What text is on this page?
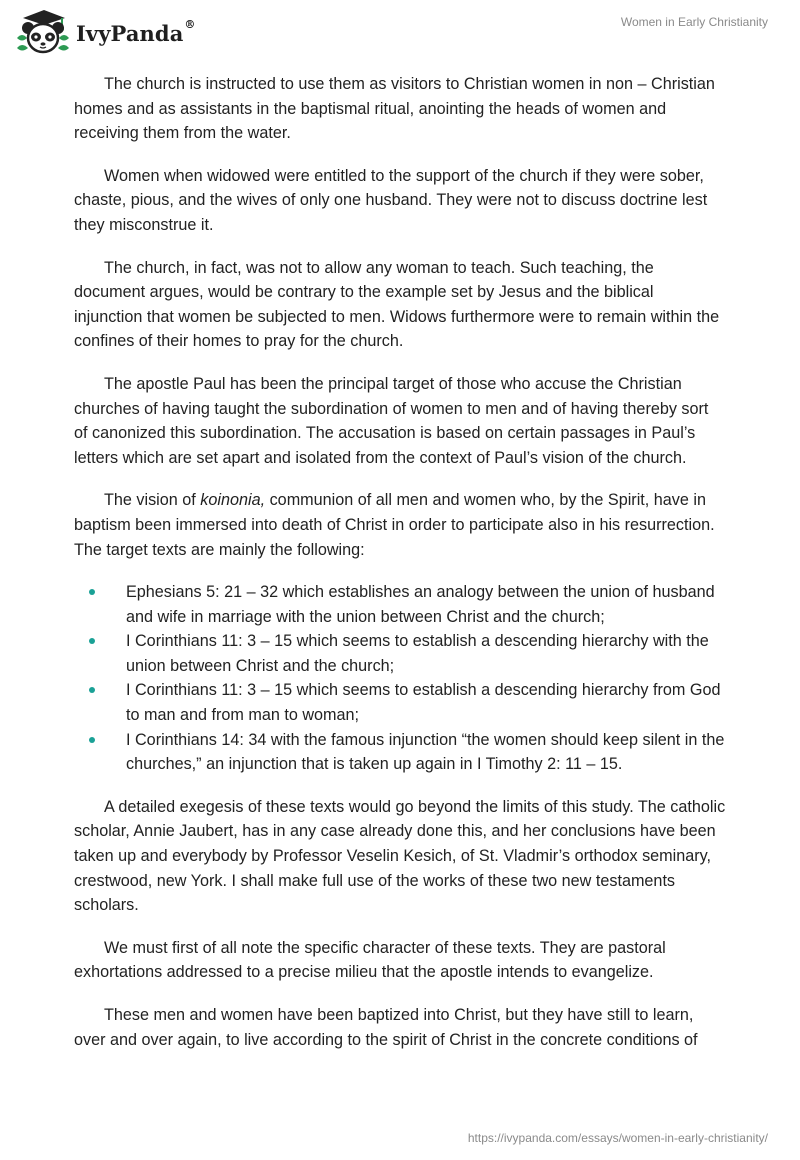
IvyPanda®	Women in Early Christianity

The church is instructed to use them as visitors to Christian women in non – Christian homes and as assistants in the baptismal ritual, anointing the heads of women and receiving them from the water.

Women when widowed were entitled to the support of the church if they were sober, chaste, pious, and the wives of only one husband. They were not to discuss doctrine lest they misconstrue it.

The church, in fact, was not to allow any woman to teach. Such teaching, the document argues, would be contrary to the example set by Jesus and the biblical injunction that women be subjected to men. Widows furthermore were to remain within the confines of their homes to pray for the church.

The apostle Paul has been the principal target of those who accuse the Christian churches of having taught the subordination of women to men and of having thereby sort of canonized this subordination. The accusation is based on certain passages in Paul’s letters which are set apart and isolated from the context of Paul’s vision of the church.

The vision of koinonia, communion of all men and women who, by the Spirit, have in baptism been immersed into death of Christ in order to participate also in his resurrection. The target texts are mainly the following:

Ephesians 5: 21 – 32 which establishes an analogy between the union of husband and wife in marriage with the union between Christ and the church;
I Corinthians 11: 3 – 15 which seems to establish a descending hierarchy with the union between Christ and the church;
I Corinthians 11: 3 – 15 which seems to establish a descending hierarchy from God to man and from man to woman;
I Corinthians 14: 34 with the famous injunction “the women should keep silent in the churches,” an injunction that is taken up again in I Timothy 2: 11 – 15.

A detailed exegesis of these texts would go beyond the limits of this study. The catholic scholar, Annie Jaubert, has in any case already done this, and her conclusions have been taken up and everybody by Professor Veselin Kesich, of St. Vladmir’s orthodox seminary, crestwood, new York. I shall make full use of the works of these two new testaments scholars.

We must first of all note the specific character of these texts. They are pastoral exhortations addressed to a precise milieu that the apostle intends to evangelize.

These men and women have been baptized into Christ, but they have still to learn, over and over again, to live according to the spirit of Christ in the concrete conditions of

https://ivypanda.com/essays/women-in-early-christianity/
